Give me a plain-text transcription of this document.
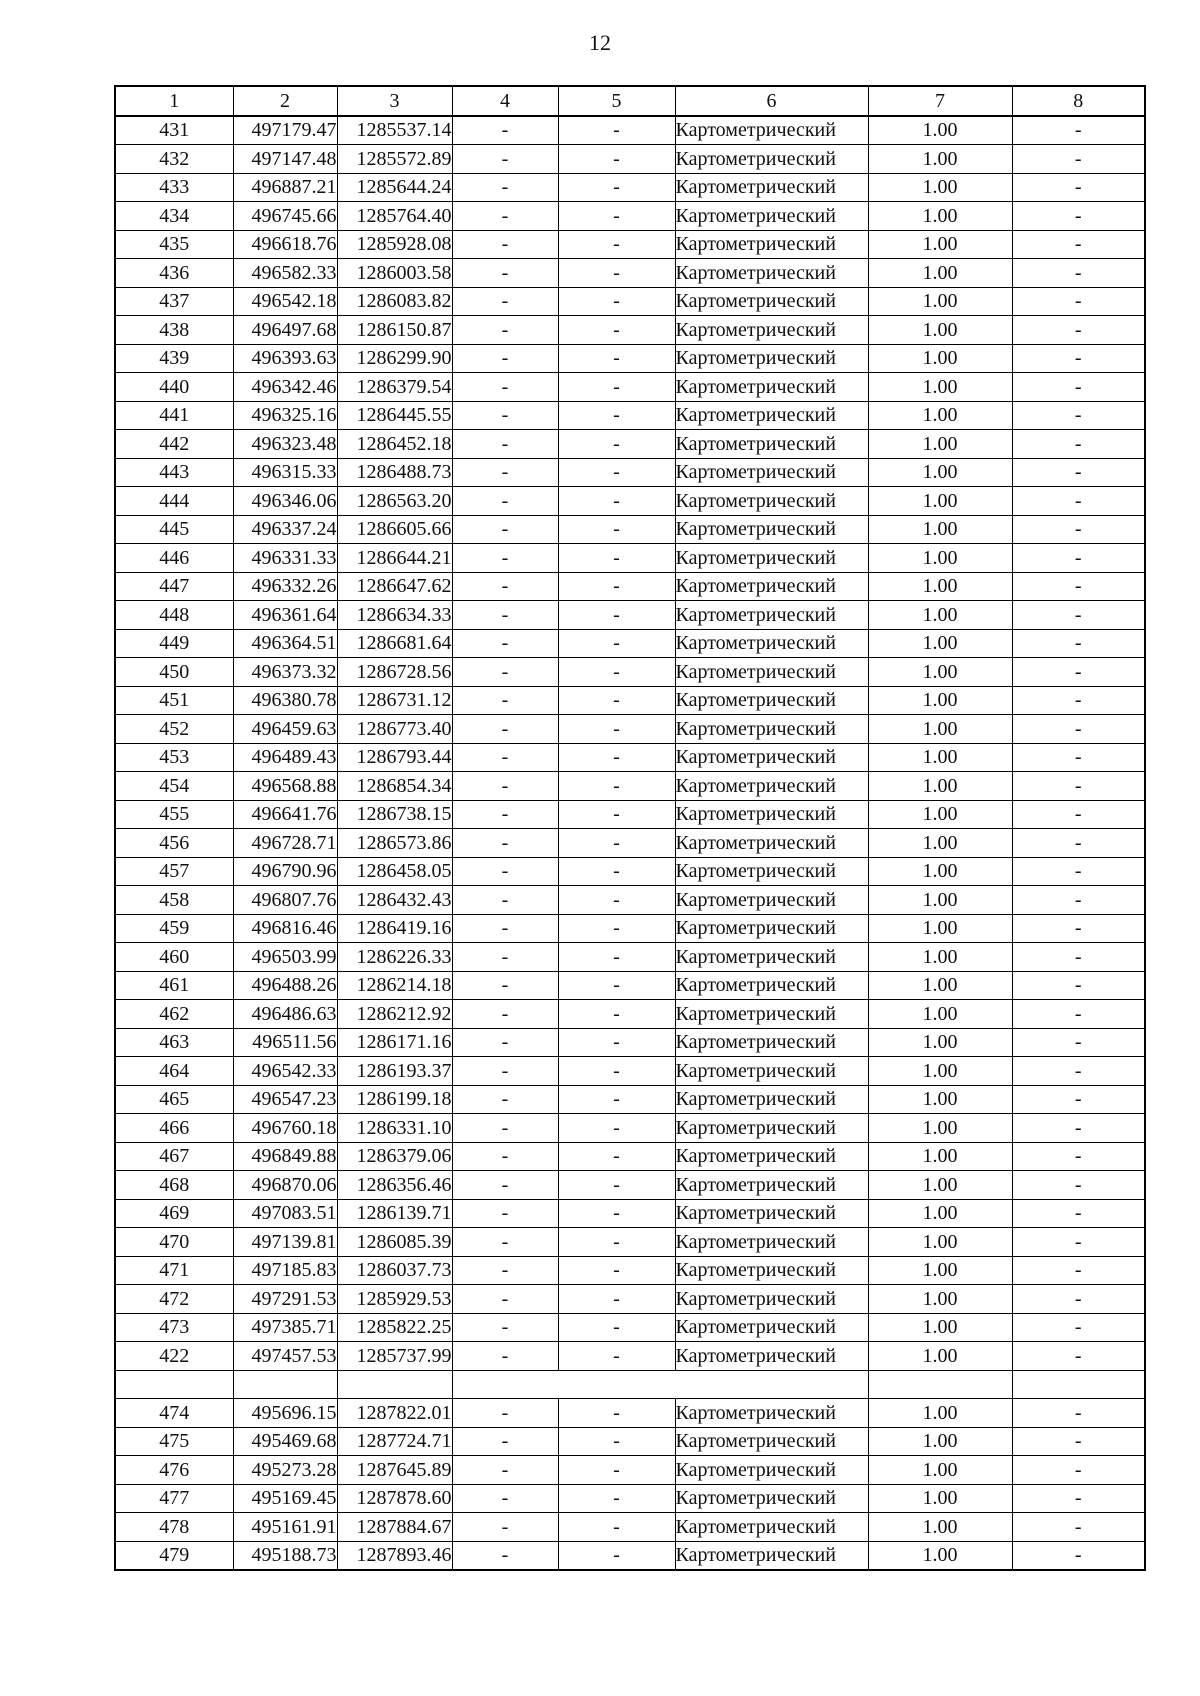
12
1	2	3	4	5	6	7	8
431	497179.47	1285537.14	-	-	Картометрический	1.00	-
432	497147.48	1285572.89	-	-	Картометрический	1.00	-
433	496887.21	1285644.24	-	-	Картометрический	1.00	-
434	496745.66	1285764.40	-	-	Картометрический	1.00	-
435	496618.76	1285928.08	-	-	Картометрический	1.00	-
436	496582.33	1286003.58	-	-	Картометрический	1.00	-
437	496542.18	1286083.82	-	-	Картометрический	1.00	-
438	496497.68	1286150.87	-	-	Картометрический	1.00	-
439	496393.63	1286299.90	-	-	Картометрический	1.00	-
440	496342.46	1286379.54	-	-	Картометрический	1.00	-
441	496325.16	1286445.55	-	-	Картометрический	1.00	-
442	496323.48	1286452.18	-	-	Картометрический	1.00	-
443	496315.33	1286488.73	-	-	Картометрический	1.00	-
444	496346.06	1286563.20	-	-	Картометрический	1.00	-
445	496337.24	1286605.66	-	-	Картометрический	1.00	-
446	496331.33	1286644.21	-	-	Картометрический	1.00	-
447	496332.26	1286647.62	-	-	Картометрический	1.00	-
448	496361.64	1286634.33	-	-	Картометрический	1.00	-
449	496364.51	1286681.64	-	-	Картометрический	1.00	-
450	496373.32	1286728.56	-	-	Картометрический	1.00	-
451	496380.78	1286731.12	-	-	Картометрический	1.00	-
452	496459.63	1286773.40	-	-	Картометрический	1.00	-
453	496489.43	1286793.44	-	-	Картометрический	1.00	-
454	496568.88	1286854.34	-	-	Картометрический	1.00	-
455	496641.76	1286738.15	-	-	Картометрический	1.00	-
456	496728.71	1286573.86	-	-	Картометрический	1.00	-
457	496790.96	1286458.05	-	-	Картометрический	1.00	-
458	496807.76	1286432.43	-	-	Картометрический	1.00	-
459	496816.46	1286419.16	-	-	Картометрический	1.00	-
460	496503.99	1286226.33	-	-	Картометрический	1.00	-
461	496488.26	1286214.18	-	-	Картометрический	1.00	-
462	496486.63	1286212.92	-	-	Картометрический	1.00	-
463	496511.56	1286171.16	-	-	Картометрический	1.00	-
464	496542.33	1286193.37	-	-	Картометрический	1.00	-
465	496547.23	1286199.18	-	-	Картометрический	1.00	-
466	496760.18	1286331.10	-	-	Картометрический	1.00	-
467	496849.88	1286379.06	-	-	Картометрический	1.00	-
468	496870.06	1286356.46	-	-	Картометрический	1.00	-
469	497083.51	1286139.71	-	-	Картометрический	1.00	-
470	497139.81	1286085.39	-	-	Картометрический	1.00	-
471	497185.83	1286037.73	-	-	Картометрический	1.00	-
472	497291.53	1285929.53	-	-	Картометрический	1.00	-
473	497385.71	1285822.25	-	-	Картометрический	1.00	-
422	497457.53	1285737.99	-	-	Картометрический	1.00	-

474	495696.15	1287822.01	-	-	Картометрический	1.00	-
475	495469.68	1287724.71	-	-	Картометрический	1.00	-
476	495273.28	1287645.89	-	-	Картометрический	1.00	-
477	495169.45	1287878.60	-	-	Картометрический	1.00	-
478	495161.91	1287884.67	-	-	Картометрический	1.00	-
479	495188.73	1287893.46	-	-	Картометрический	1.00	-
